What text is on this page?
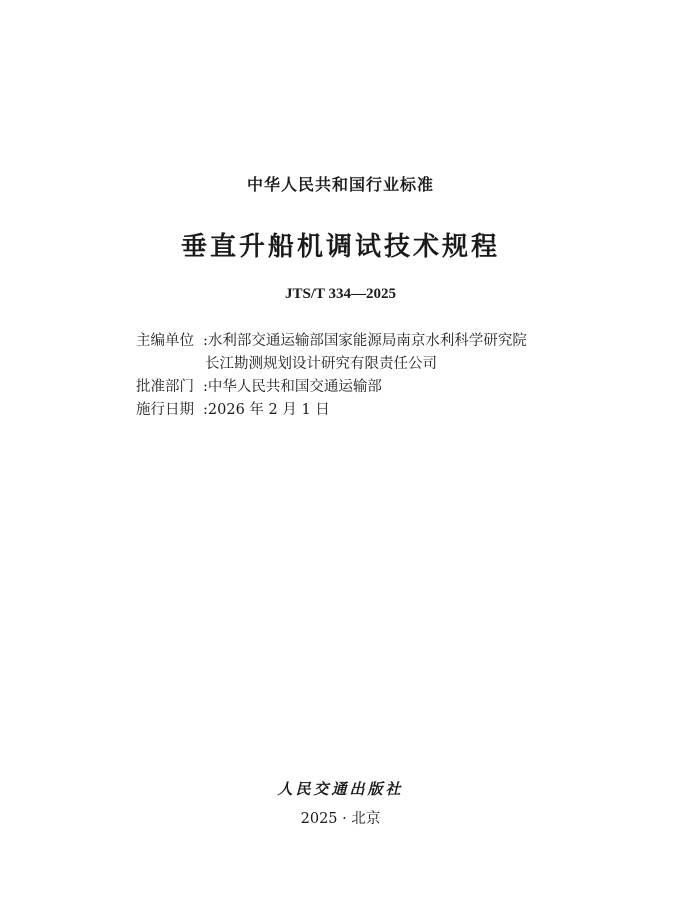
中华人民共和国行业标准
垂直升船机调试技术规程
JTS/T 334—2025
主编单位 : 水利部交通运输部国家能源局南京水利科学研究院
长江勘测规划设计研究有限责任公司
批准部门 : 中华人民共和国交通运输部
施行日期 : 2026 年 2 月 1 日
人民交通出版社
2025 · 北京
